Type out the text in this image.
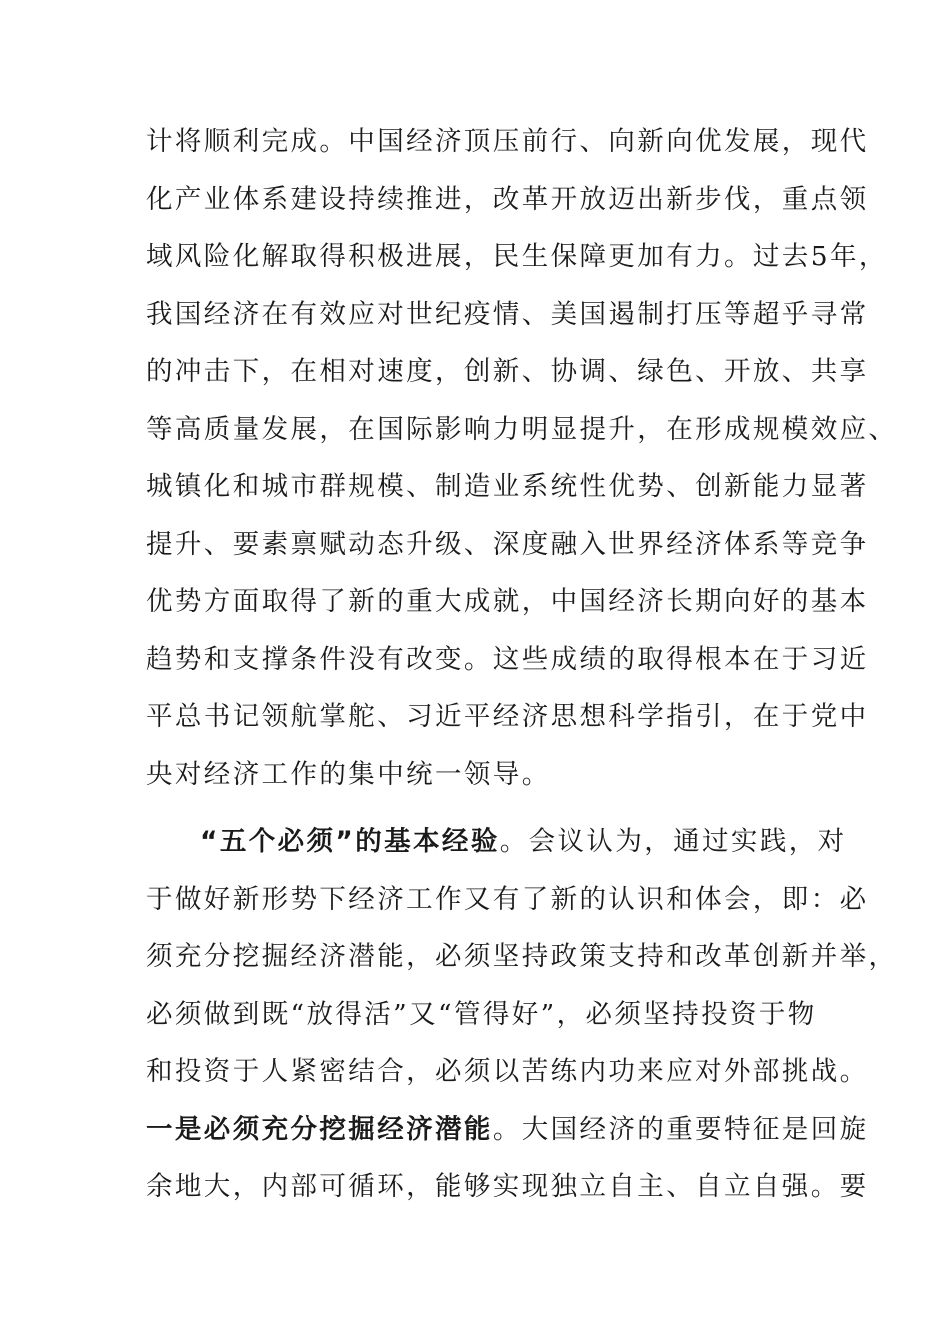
计将顺利完成。中国经济顶压前行、向新向优发展，现代
化产业体系建设持续推进，改革开放迈出新步伐，重点领
域风险化解取得积极进展，民生保障更加有力。过去5年，
我国经济在有效应对世纪疫情、美国遏制打压等超乎寻常
的冲击下，在相对速度，创新、协调、绿色、开放、共享
等高质量发展，在国际影响力明显提升，在形成规模效应、
城镇化和城市群规模、制造业系统性优势、创新能力显著
提升、要素禀赋动态升级、深度融入世界经济体系等竞争
优势方面取得了新的重大成就，中国经济长期向好的基本
趋势和支撑条件没有改变。这些成绩的取得根本在于习近
平总书记领航掌舵、习近平经济思想科学指引，在于党中
央对经济工作的集中统一领导。
“五个必须”的基本经验。会议认为，通过实践，对
于做好新形势下经济工作又有了新的认识和体会，即：必
须充分挖掘经济潜能，必须坚持政策支持和改革创新并举，
必须做到既“放得活”又“管得好”，必须坚持投资于物
和投资于人紧密结合，必须以苦练内功来应对外部挑战。
一是必须充分挖掘经济潜能。大国经济的重要特征是回旋
余地大，内部可循环，能够实现独立自主、自立自强。要
